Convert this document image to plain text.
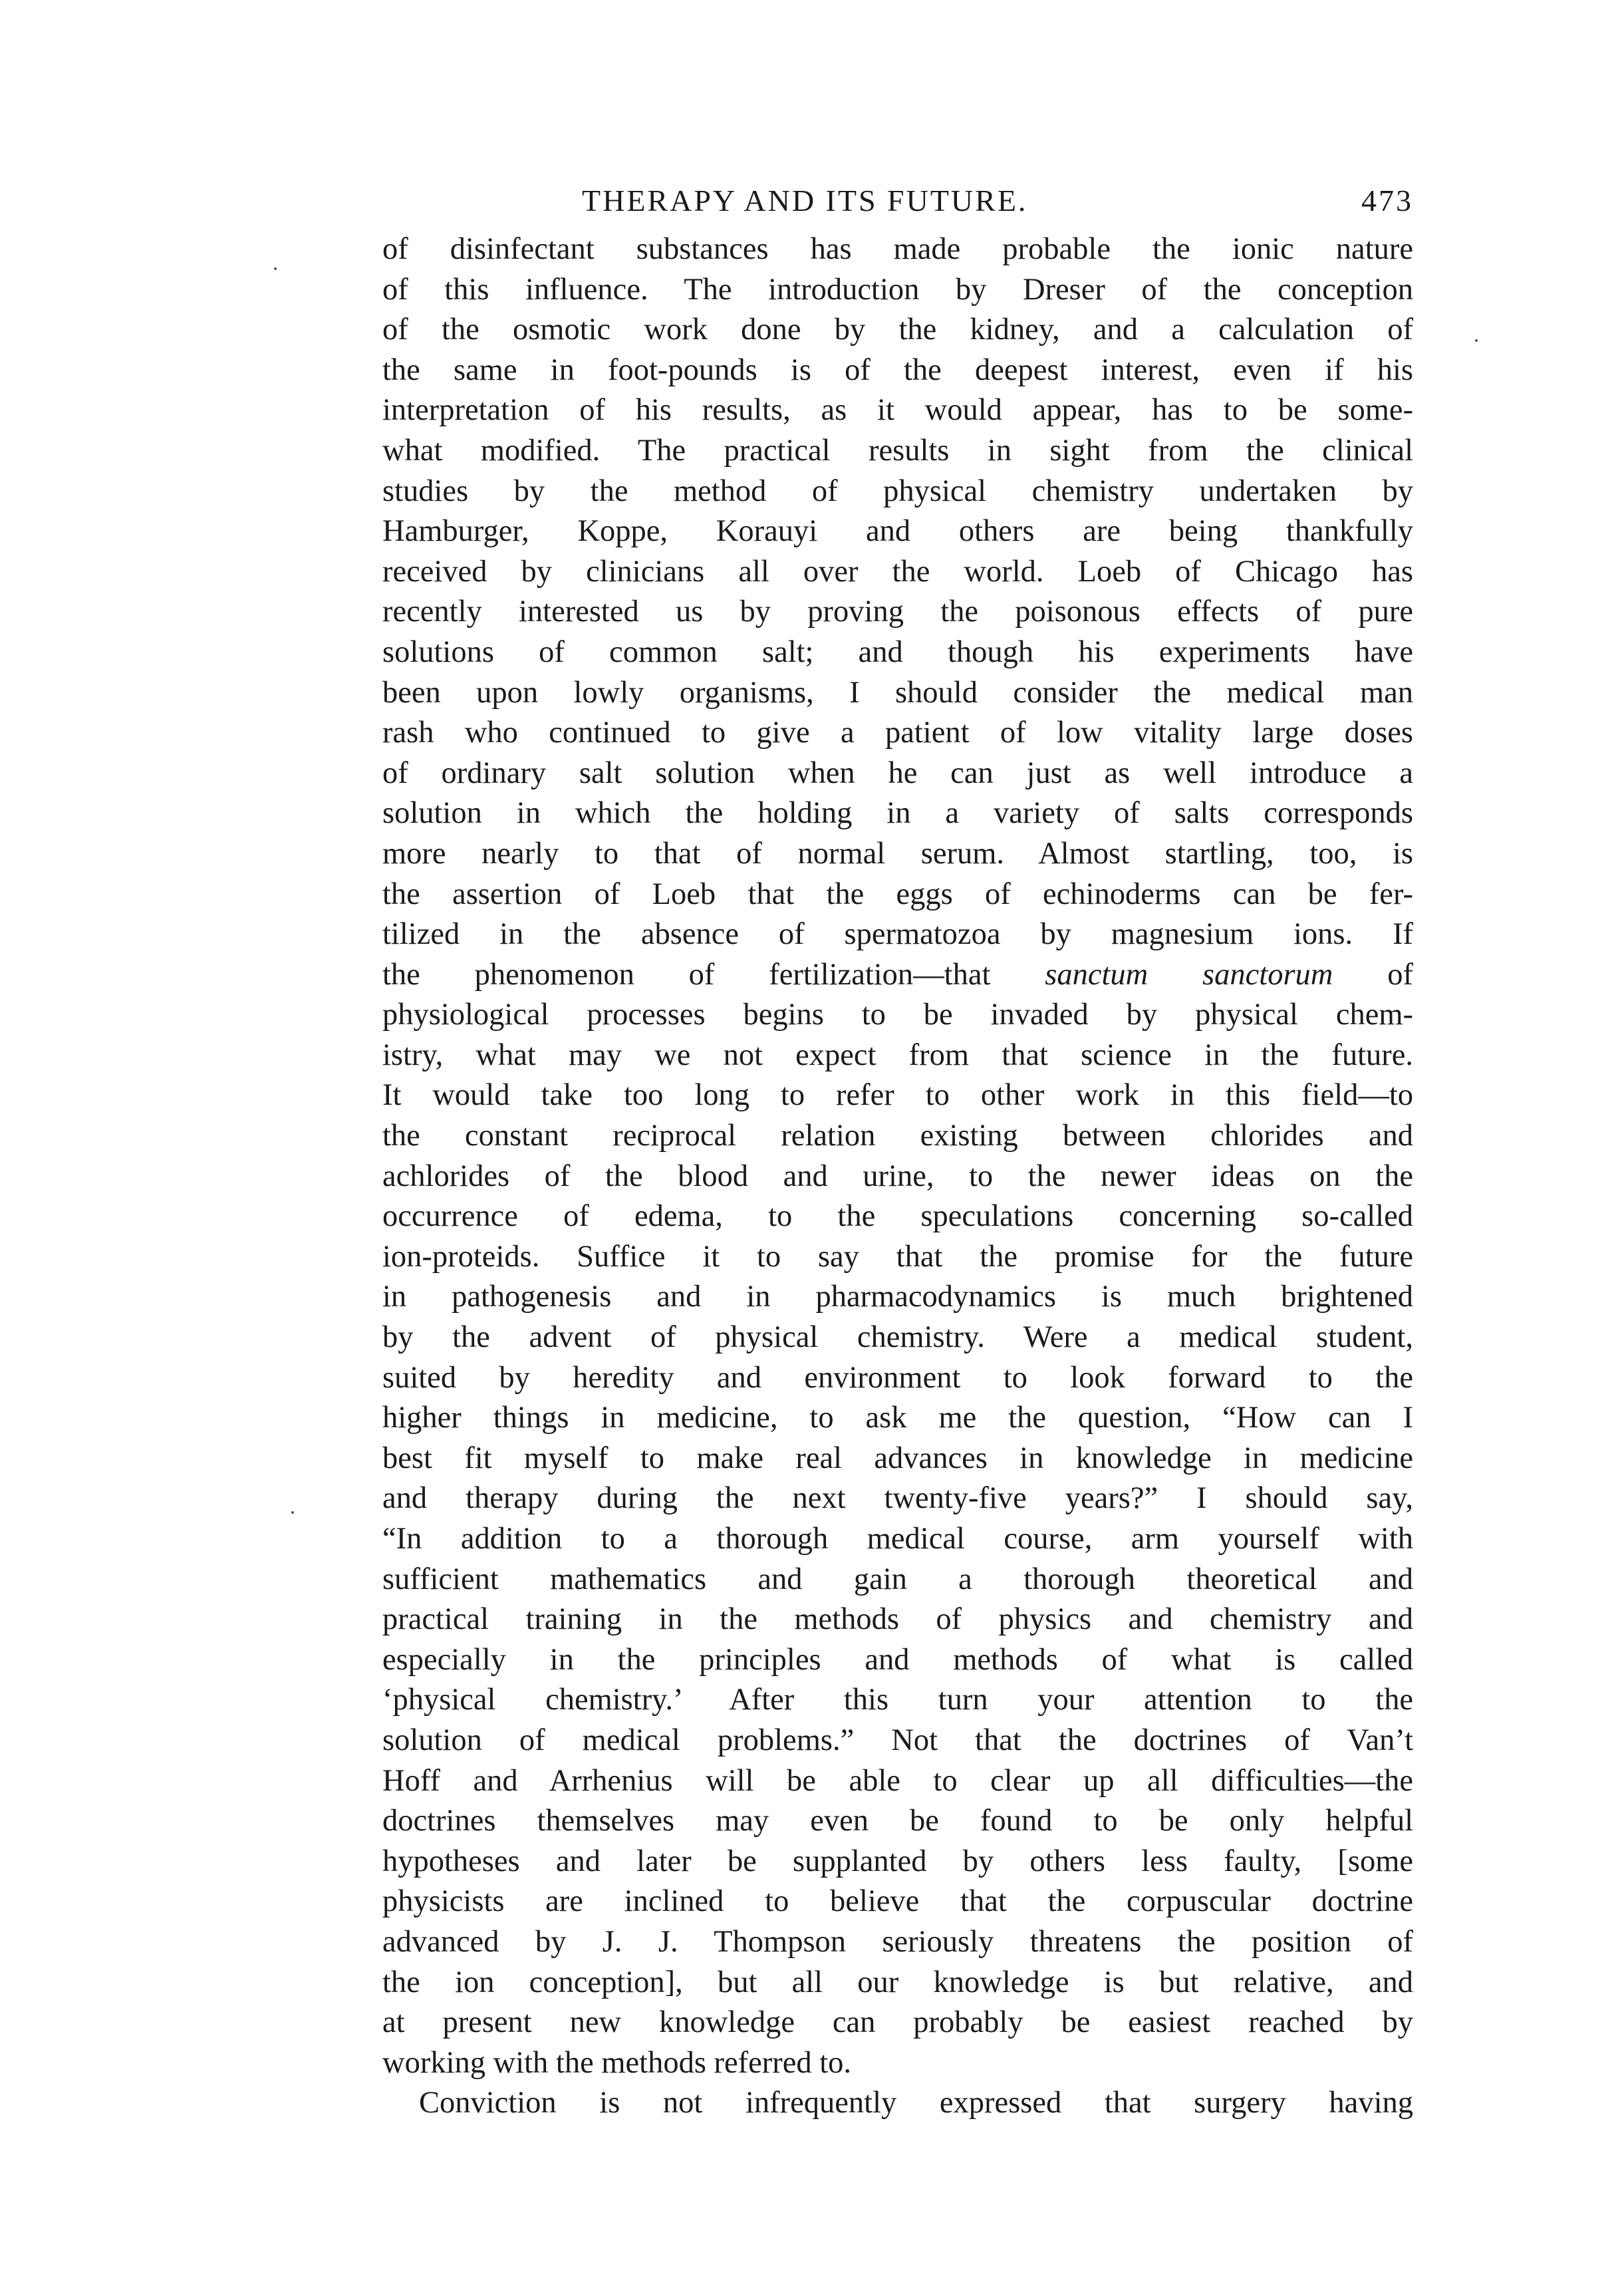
THERAPY AND ITS FUTURE.	473

of disinfectant substances has made probable the ionic nature
of this influence. The introduction by Dreser of the conception
of the osmotic work done by the kidney, and a calculation of
the same in foot-pounds is of the deepest interest, even if his
interpretation of his results, as it would appear, has to be some-
what modified. The practical results in sight from the clinical
studies by the method of physical chemistry undertaken by
Hamburger, Koppe, Korauyi and others are being thankfully
received by clinicians all over the world. Loeb of Chicago has
recently interested us by proving the poisonous effects of pure
solutions of common salt; and though his experiments have
been upon lowly organisms, I should consider the medical man
rash who continued to give a patient of low vitality large doses
of ordinary salt solution when he can just as well introduce a
solution in which the holding in a variety of salts corresponds
more nearly to that of normal serum. Almost startling, too, is
the assertion of Loeb that the eggs of echinoderms can be fer-
tilized in the absence of spermatozoa by magnesium ions. If
the phenomenon of fertilization—that sanctum sanctorum of
physiological processes begins to be invaded by physical chem-
istry, what may we not expect from that science in the future.
It would take too long to refer to other work in this field—to
the constant reciprocal relation existing between chlorides and
achlorides of the blood and urine, to the newer ideas on the
occurrence of edema, to the speculations concerning so-called
ion-proteids. Suffice it to say that the promise for the future
in pathogenesis and in pharmacodynamics is much brightened
by the advent of physical chemistry. Were a medical student,
suited by heredity and environment to look forward to the
higher things in medicine, to ask me the question, “How can I
best fit myself to make real advances in knowledge in medicine
and therapy during the next twenty-five years?” I should say,
“In addition to a thorough medical course, arm yourself with
sufficient mathematics and gain a thorough theoretical and
practical training in the methods of physics and chemistry and
especially in the principles and methods of what is called
‘physical chemistry.’ After this turn your attention to the
solution of medical problems.” Not that the doctrines of Van’t
Hoff and Arrhenius will be able to clear up all difficulties—the
doctrines themselves may even be found to be only helpful
hypotheses and later be supplanted by others less faulty, [some
physicists are inclined to believe that the corpuscular doctrine
advanced by J. J. Thompson seriously threatens the position of
the ion conception], but all our knowledge is but relative, and
at present new knowledge can probably be easiest reached by
working with the methods referred to.

Conviction is not infrequently expressed that surgery having
